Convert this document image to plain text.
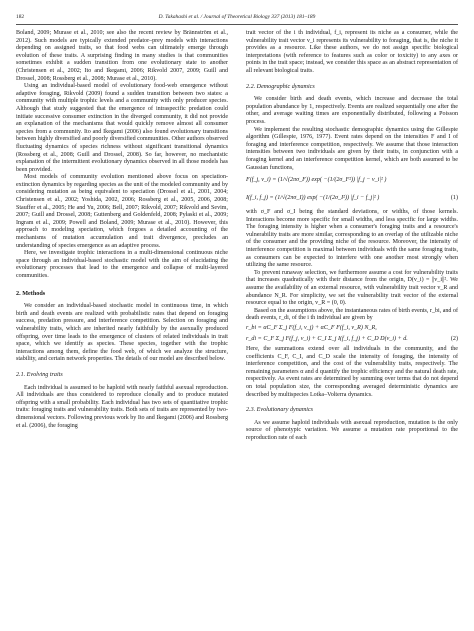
182	D. Takahashi et al. / Journal of Theoretical Biology 337 (2013) 181–189

Boland, 2009; Murase et al., 2010; see also the recent review by Brännström et al., 2012). Such models are typically extended predator–prey models with interactions depending on assigned traits, so that food webs can ultimately emerge through evolution of these traits. A surprising finding in many studies is that communities sometimes exhibit a sudden transition from one evolutionary state to another (Christensen et al., 2002; Ito and Ikegami, 2006; Rikvold 2007, 2009; Guill and Drossel, 2008; Rossberg et al., 2008; Murase et al., 2010).

Using an individual-based model of evolutionary food-web emergence without adaptive foraging, Rikvold (2009) found a sudden transition between two states: a community with multiple trophic levels and a community with only producer species. Although that study suggested that the emergence of intraspecific predation could initiate successive consumer extinction in the diverged community, it did not provide an explanation of the mechanisms that would quickly remove almost all consumer species from a community. Ito and Ikegami (2006) also found evolutionary transitions between highly diversified and poorly diversified communities. Other authors observed fluctuating dynamics of species richness without significant transitional dynamics (Rossberg et al., 2008; Guill and Drossel, 2008). So far, however, no mechanistic explanation of the intermittent evolutionary dynamics observed in all those models has been provided.

Most models of community evolution mentioned above focus on speciation-extinction dynamics by regarding species as the unit of the modeled community and by considering mutation as being equivalent to speciation (Drossel et al., 2001, 2004; Christensen et al., 2002; Yoshida, 2002, 2006; Rossberg et al., 2005, 2006, 2008; Stauffer et al., 2005; He and Yu, 2006; Bell, 2007; Rikvold, 2007; Rikvold and Sevim, 2007; Guill and Drossel, 2008; Guttenberg and Goldenfeld, 2008; Pyłaski et al., 2009; Ingram et al., 2009; Powell and Boland, 2009; Murase et al., 2010). However, this approach to modeling speciation, which forgoes a detailed accounting of the mechanisms of mutation accumulation and trait divergence, precludes an understanding of species emergence as an adaptive process.

Here, we investigate trophic interactions in a multi-dimensional continuous niche space through an individual-based stochastic model with the aim of elucidating the evolutionary processes that lead to the emergence and collapse of multi-layered communities.

2. Methods

We consider an individual-based stochastic model in continuous time, in which birth and death events are realized with probabilistic rates that depend on foraging success, predation pressure, and interference competition. Selection on foraging and vulnerability traits, which are inherited nearly faithfully by the asexually produced offspring, over time leads to the emergence of clusters of related individuals in trait space, which we identify as species. These species, together with the trophic interactions among them, define the food web, of which we analyze the structure, stability, and certain network properties. The details of our model are described below.

2.1. Evolving traits

Each individual is assumed to be haploid with nearly faithful asexual reproduction. All individuals are thus considered to reproduce clonally and to produce mutated offspring with a small probability. Each individual has two sets of quantitative trophic traits: foraging traits and vulnerability traits. Both sets of traits are represented by two-dimensional vectors. Following previous work by Ito and Ikegami (2006) and Rossberg et al. (2006), the foraging

trait vector of the i th individual, f_i, represent its niche as a consumer, while the vulnerability trait vector v_i represents its vulnerability to foraging, that is, the niche it provides as a resource. Like these authors, we do not assign specific biological interpretations (with reference to features such as color or toxicity) to any axes or points in the trait space; instead, we consider this space as an abstract representation of all relevant biological traits.

2.2. Demographic dynamics

We consider birth and death events, which increase and decrease the total population abundance by 1, respectively. Events are realized sequentially one after the other, and average waiting times are exponentially distributed, following a Poisson process.

We implement the resulting stochastic demographic dynamics using the Gillespie algorithm (Gillespie, 1976, 1977). Event rates depend on the intensities F and I of foraging and interference competition, respectively. We assume that those interaction intensities between two individuals are given by their traits, in conjunction with a foraging kernel and an interference competition kernel, which are both assumed to be Gaussian functions,

F(f_j, v_i) = (1/√(2πσ_F)) exp( −(1/(2σ_F²)) |f_j − v_i|² )
I(f_i, f_j) = (1/√(2πσ_I)) exp( −(1/(2σ_I²)) |f_i − f_j|² )	(1)

with σ_F and σ_I being the standard deviations, or widths, of those kernels. Interactions become more specific for small widths, and less specific for large widths. The foraging intensity is higher when a consumer's foraging traits and a resource's vulnerability traits are more similar, corresponding to an overlap of the utilizable niche of the consumer and the providing niche of the resource. Moreover, the intensity of interference competition is maximal between individuals with the same foraging traits, as consumers can be expected to interfere with one another most strongly when utilizing the same resource.

To prevent runaway selection, we furthermore assume a cost for vulnerability traits that increases quadratically with their distance from the origin, D(v_i) = ||v_i||². We assume the availability of an external resource, with vulnerability trait vector v_R and abundance N_R. For simplicity, we set the vulnerability trait vector of the external resource equal to the origin, v_R = (0, 0).

Based on the assumptions above, the instantaneous rates of birth events, r_bi, and of death events, r_di, of the i th individual are given by

r_bi = αC_F Σ_j F(f_i, v_j) + αC_F F(f_i, v_R) N_R,
r_di = C_F Σ_j F(f_j, v_i) + C_I Σ_j I(f_i, f_j) + C_D D(v_i) + d.	(2)

Here, the summations extend over all individuals in the community, and the coefficients C_F, C_I, and C_D scale the intensity of foraging, the intensity of interference competition, and the cost of the vulnerability traits, respectively. The remaining parameters α and d quantify the trophic efficiency and the natural death rate, respectively. As event rates are determined by summing over terms that do not depend on total population size, the corresponding averaged deterministic dynamics are described by multispecies Lotka–Volterra dynamics.

2.3. Evolutionary dynamics

As we assume haploid individuals with asexual reproduction, mutation is the only source of phenotypic variation. We assume a mutation rate proportional to the reproduction rate of each
